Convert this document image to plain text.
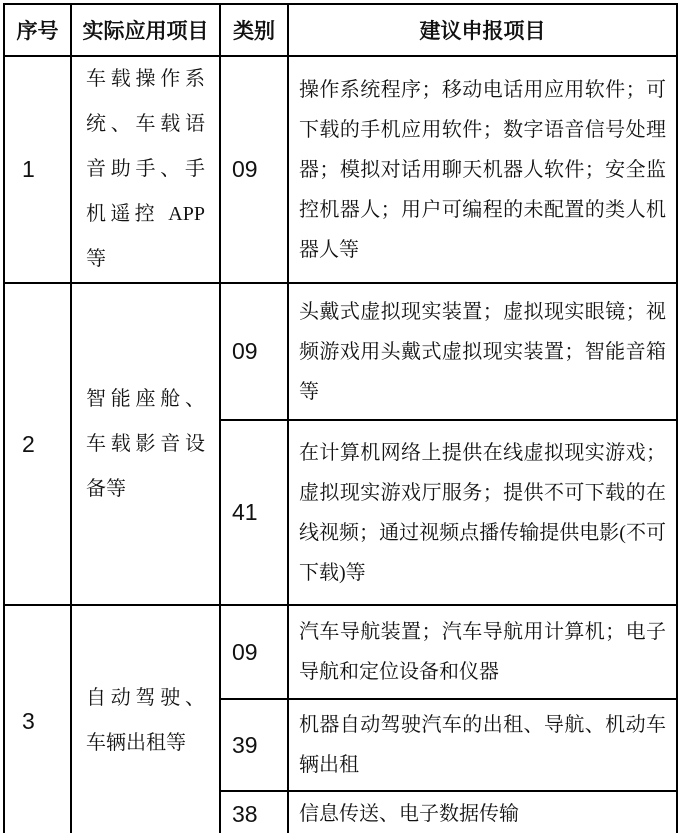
序号	实际应用项目	类别	建议申报项目
1	车载操作系统、车载语音助手、手机遥控 APP 等	09	操作系统程序；移动电话用应用软件；可下载的手机应用软件；数字语音信号处理器；模拟对话用聊天机器人软件；安全监控机器人；用户可编程的未配置的类人机器人等
2	智能座舱、车载影音设备等	09	头戴式虚拟现实装置；虚拟现实眼镜；视频游戏用头戴式虚拟现实装置；智能音箱等
		41	在计算机网络上提供在线虚拟现实游戏；虚拟现实游戏厅服务；提供不可下载的在线视频；通过视频点播传输提供电影(不可下载)等
3	自动驾驶、车辆出租等	09	汽车导航装置；汽车导航用计算机；电子导航和定位设备和仪器
		39	机器自动驾驶汽车的出租、导航、机动车辆出租
		38	信息传送、电子数据传输
